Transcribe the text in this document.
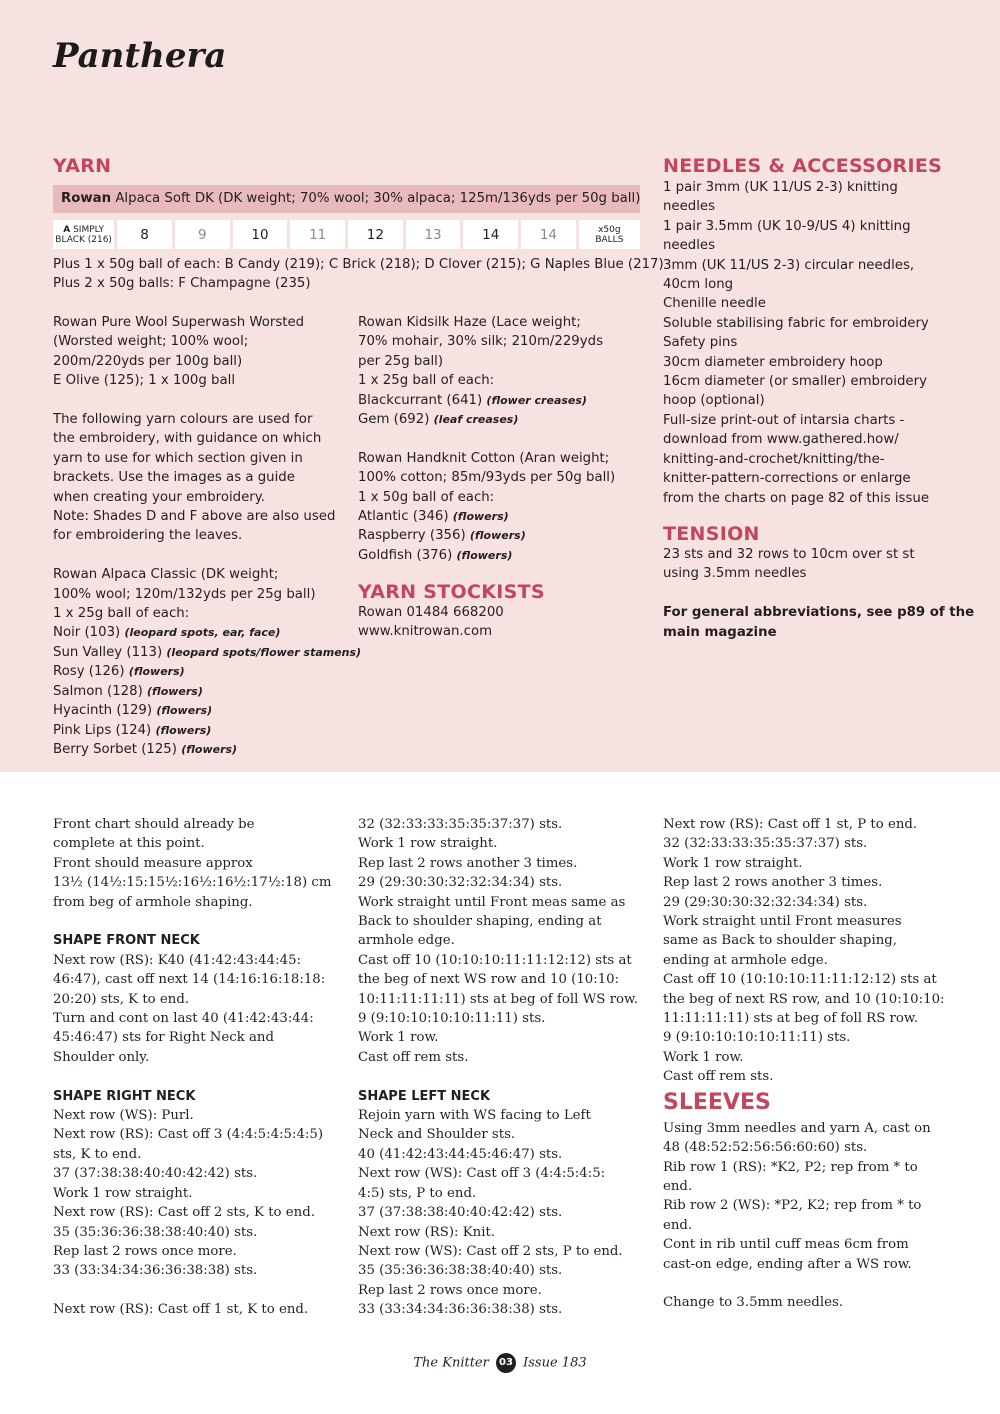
Panthera
YARN
Rowan Alpaca Soft DK (DK weight; 70% wool; 30% alpaca; 125m/136yds per 50g ball)
A SIMPLY
BLACK (216)	8	9	10	11	12	13	14	14	x50g
BALLS

Plus 1 x 50g ball of each: B Candy (219); C Brick (218); D Clover (215); G Naples Blue (217)

Plus 2 x 50g balls: F Champagne (235)

Rowan Pure Wool Superwash Worsted

(Worsted weight; 100% wool;

200m/220yds per 100g ball)

E Olive (125); 1 x 100g ball

The following yarn colours are used for

the embroidery, with guidance on which

yarn to use for which section given in

brackets. Use the images as a guide

when creating your embroidery.

Note: Shades D and F above are also used

for embroidering the leaves.

Rowan Alpaca Classic (DK weight;

100% wool; 120m/132yds per 25g ball)

1 x 25g ball of each:

Noir (103) (leopard spots, ear, face)

Sun Valley (113) (leopard spots/flower stamens)

Rosy (126) (flowers)

Salmon (128) (flowers)

Hyacinth (129) (flowers)

Pink Lips (124) (flowers)

Berry Sorbet (125) (flowers)

Rowan Kidsilk Haze (Lace weight;

70% mohair, 30% silk; 210m/229yds

per 25g ball)

1 x 25g ball of each:

Blackcurrant (641) (flower creases)

Gem (692) (leaf creases)

Rowan Handknit Cotton (Aran weight;

100% cotton; 85m/93yds per 50g ball)

1 x 50g ball of each:

Atlantic (346) (flowers)

Raspberry (356) (flowers)

Goldfish (376) (flowers)

YARN STOCKISTS

Rowan 01484 668200

www.knitrowan.com

NEEDLES & ACCESSORIES

1 pair 3mm (UK 11/US 2-3) knitting

needles

1 pair 3.5mm (UK 10-9/US 4) knitting

needles

3mm (UK 11/US 2-3) circular needles,

40cm long

Chenille needle

Soluble stabilising fabric for embroidery

Safety pins

30cm diameter embroidery hoop

16cm diameter (or smaller) embroidery

hoop (optional)

Full-size print-out of intarsia charts -

download from www.gathered.how/

knitting-and-crochet/knitting/the-

knitter-pattern-corrections or enlarge

from the charts on page 82 of this issue

TENSION

23 sts and 32 rows to 10cm over st st

using 3.5mm needles

For general abbreviations, see p89 of the

main magazine

Front chart should already be

complete at this point.

Front should measure approx

13½ (14½:15:15½:16½:16½:17½:18) cm

from beg of armhole shaping.

SHAPE FRONT NECK

Next row (RS): K40 (41:42:43:44:45:

46:47), cast off next 14 (14:16:16:18:18:

20:20) sts, K to end.

Turn and cont on last 40 (41:42:43:44:

45:46:47) sts for Right Neck and

Shoulder only.

SHAPE RIGHT NECK

Next row (WS): Purl.

Next row (RS): Cast off 3 (4:4:5:4:5:4:5)

sts, K to end.

37 (37:38:38:40:40:42:42) sts.

Work 1 row straight.

Next row (RS): Cast off 2 sts, K to end.

35 (35:36:36:38:38:40:40) sts.

Rep last 2 rows once more.

33 (33:34:34:36:36:38:38) sts.

Next row (RS): Cast off 1 st, K to end.

32 (32:33:33:35:35:37:37) sts.

Work 1 row straight.

Rep last 2 rows another 3 times.

29 (29:30:30:32:32:34:34) sts.

Work straight until Front meas same as

Back to shoulder shaping, ending at

armhole edge.

Cast off 10 (10:10:10:11:11:12:12) sts at

the beg of next WS row and 10 (10:10:

10:11:11:11:11) sts at beg of foll WS row.

9 (9:10:10:10:10:11:11) sts.

Work 1 row.

Cast off rem sts.

SHAPE LEFT NECK

Rejoin yarn with WS facing to Left

Neck and Shoulder sts.

40 (41:42:43:44:45:46:47) sts.

Next row (WS): Cast off 3 (4:4:5:4:5:

4:5) sts, P to end.

37 (37:38:38:40:40:42:42) sts.

Next row (RS): Knit.

Next row (WS): Cast off 2 sts, P to end.

35 (35:36:36:38:38:40:40) sts.

Rep last 2 rows once more.

33 (33:34:34:36:36:38:38) sts.

Next row (RS): Cast off 1 st, P to end.

32 (32:33:33:35:35:37:37) sts.

Work 1 row straight.

Rep last 2 rows another 3 times.

29 (29:30:30:32:32:34:34) sts.

Work straight until Front measures

same as Back to shoulder shaping,

ending at armhole edge.

Cast off 10 (10:10:10:11:11:12:12) sts at

the beg of next RS row, and 10 (10:10:10:

11:11:11:11) sts at beg of foll RS row.

9 (9:10:10:10:10:11:11) sts.

Work 1 row.

Cast off rem sts.

SLEEVES

Using 3mm needles and yarn A, cast on

48 (48:52:52:56:56:60:60) sts.

Rib row 1 (RS): *K2, P2; rep from * to

end.

Rib row 2 (WS): *P2, K2; rep from * to

end.

Cont in rib until cuff meas 6cm from

cast-on edge, ending after a WS row.

Change to 3.5mm needles.

The Knitter 03 Issue 183
